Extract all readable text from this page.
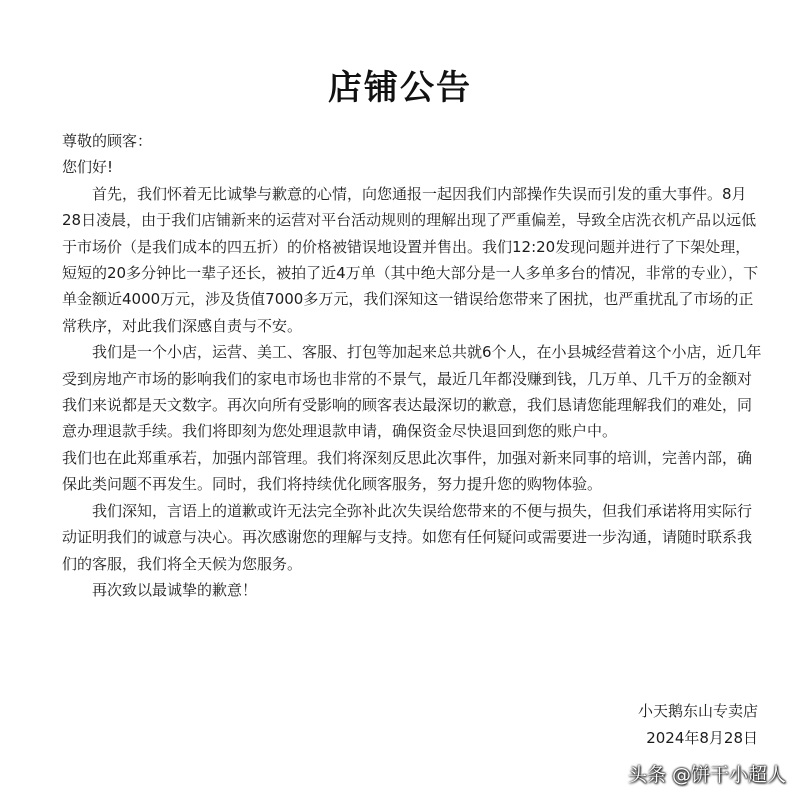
店铺公告

尊敬的顾客：

您们好!

首先，我们怀着无比诚挚与歉意的心情，向您通报一起因我们内部操作失误而引发的重大事件。8月28日凌晨，由于我们店铺新来的运营对平台活动规则的理解出现了严重偏差，导致全店洗衣机产品以远低于市场价（是我们成本的四五折）的价格被错误地设置并售出。我们12:20发现问题并进行了下架处理，短短的20多分钟比一辈子还长，被拍了近4万单（其中绝大部分是一人多单多台的情况，非常的专业），下单金额近4000万元，涉及货值7000多万元，我们深知这一错误给您带来了困扰，也严重扰乱了市场的正常秩序，对此我们深感自责与不安。

我们是一个小店，运营、美工、客服、打包等加起来总共就6个人，在小县城经营着这个小店，近几年受到房地产市场的影响我们的家电市场也非常的不景气，最近几年都没赚到钱，几万单、几千万的金额对我们来说都是天文数字。再次向所有受影响的顾客表达最深切的歉意，我们恳请您能理解我们的难处，同意办理退款手续。我们将即刻为您处理退款申请，确保资金尽快退回到您的账户中。

我们也在此郑重承若，加强内部管理。我们将深刻反思此次事件，加强对新来同事的培训，完善内部，确保此类问题不再发生。同时，我们将持续优化顾客服务，努力提升您的购物体验。

我们深知，言语上的道歉或许无法完全弥补此次失误给您带来的不便与损失，但我们承诺将用实际行动证明我们的诚意与决心。再次感谢您的理解与支持。如您有任何疑问或需要进一步沟通，请随时联系我们的客服，我们将全天候为您服务。

再次致以最诚挚的歉意！

小天鹅东山专卖店
2024年8月28日
头条 @饼干小超人
